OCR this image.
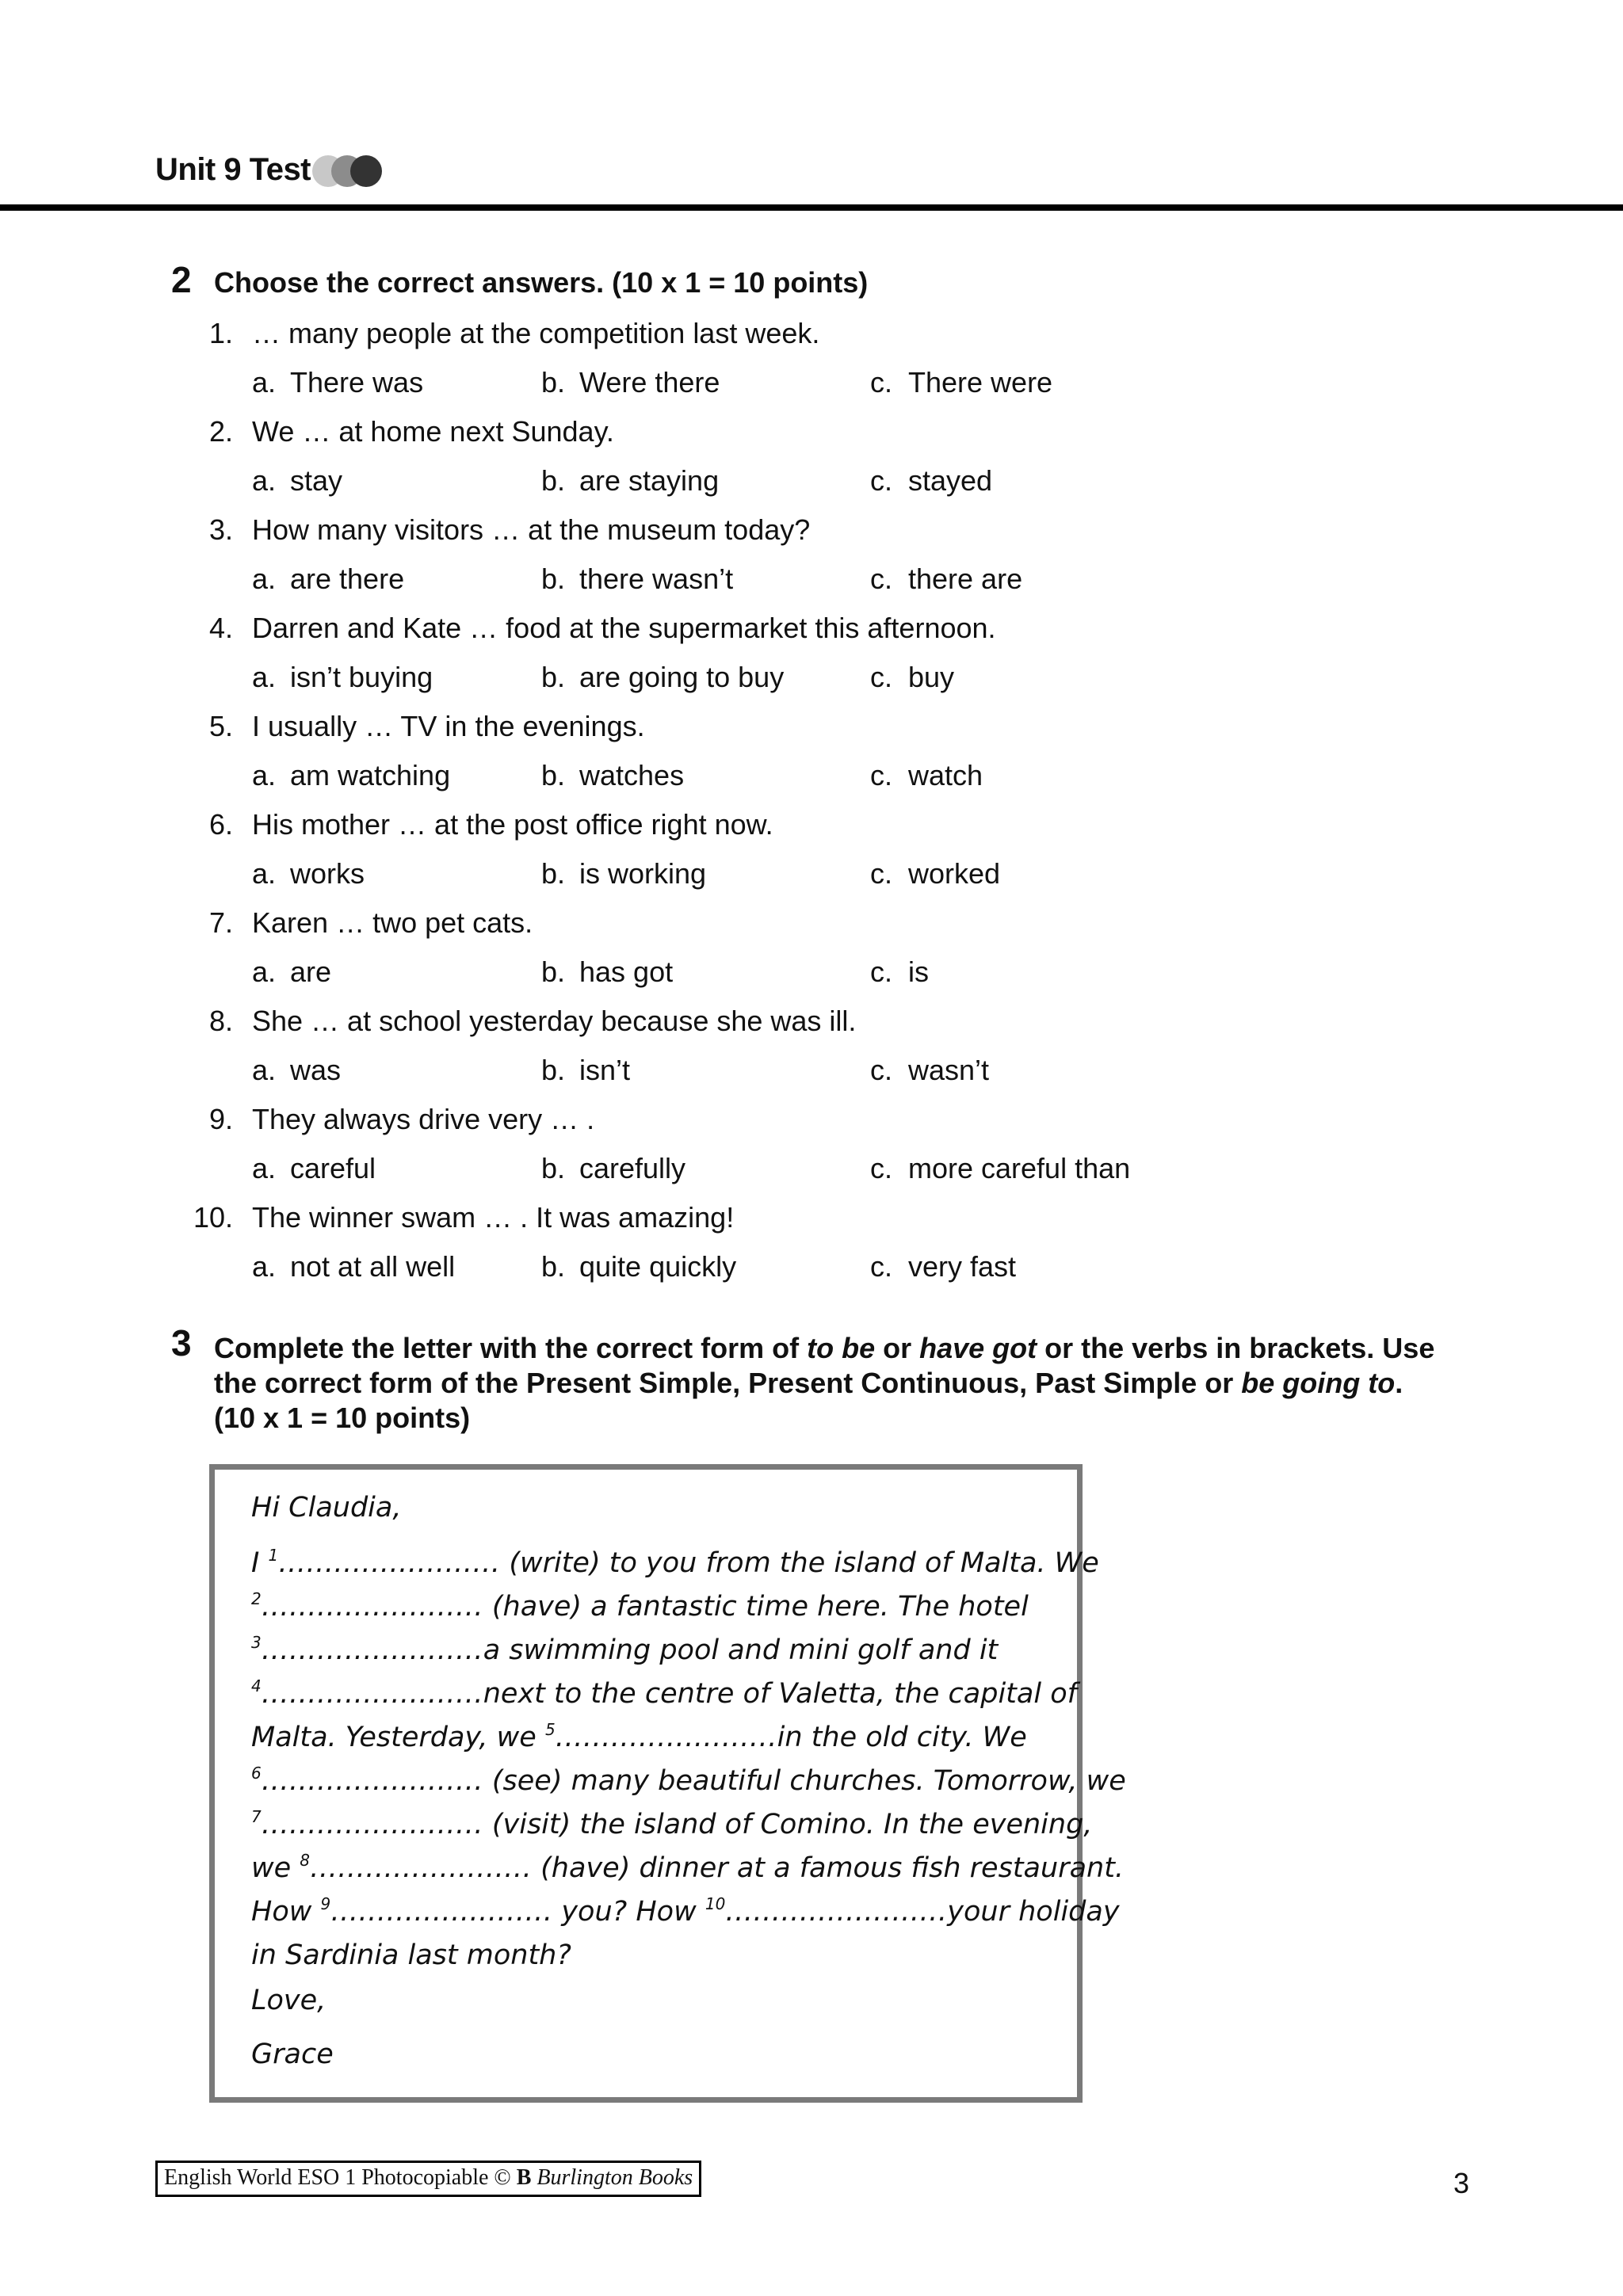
Unit 9 Test
2 Choose the correct answers. (10 x 1 = 10 points)
1. … many people at the competition last week.
a. There was	b. Were there	c. There were
2. We … at home next Sunday.
a. stay	b. are staying	c. stayed
3. How many visitors … at the museum today?
a. are there	b. there wasn’t	c. there are
4. Darren and Kate … food at the supermarket this afternoon.
a. isn’t buying	b. are going to buy	c. buy
5. I usually … TV in the evenings.
a. am watching	b. watches	c. watch
6. His mother … at the post office right now.
a. works	b. is working	c. worked
7. Karen … two pet cats.
a. are	b. has got	c. is
8. She … at school yesterday because she was ill.
a. was	b. isn’t	c. wasn’t
9. They always drive very … .
a. careful	b. carefully	c. more careful than
10. The winner swam … . It was amazing!
a. not at all well	b. quite quickly	c. very fast
3 Complete the letter with the correct form of to be or have got or the verbs in brackets. Use
the correct form of the Present Simple, Present Continuous, Past Simple or be going to.
(10 x 1 = 10 points)
Hi Claudia,
I $^1$…………………… (write) to you from the island of Malta. We
$^2$…………………… (have) a fantastic time here. The hotel
$^3$……………………a swimming pool and mini golf and it
$^4$……………………next to the centre of Valetta, the capital of
Malta. Yesterday, we $^5$……………………in the old city. We
$^6$…………………… (see) many beautiful churches. Tomorrow, we
$^7$…………………… (visit) the island of Comino. In the evening,
we $^8$…………………… (have) dinner at a famous fish restaurant.
How $^9$…………………… you? How $^{10}$……………………your holiday
in Sardinia last month?
Love,
Grace
English World ESO 1 Photocopiable © B Burlington Books	3
